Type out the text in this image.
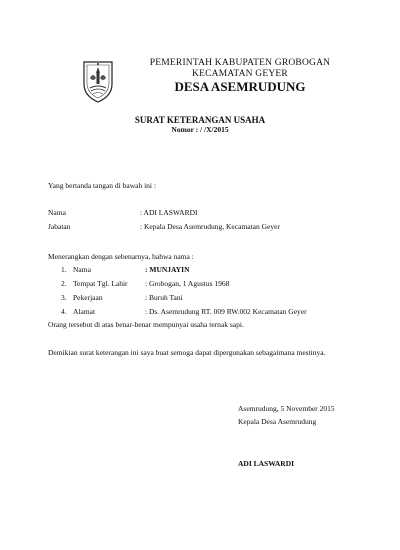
PEMERINTAH KABUPATEN GROBOGAN
KECAMATAN GEYER
DESA ASEMRUDUNG
SURAT KETERANGAN USAHA
Nomor : / /X/2015
Yang bertanda tangan di bawah ini :
Nama	: ADI LASWARDI
Jabatan	: Kepala Desa Asemrudung, Kecamatan Geyer
Menerangkan dengan sebenarnya, bahwa nama :
1. Nama	: MUNJAYIN
2. Tempat Tgl. Lahir : Grobogan, 1 Agustus 1968
3. Pekerjaan	: Buruh Tani
4. Alamat	: Ds. Asemrudung RT. 009 RW.002 Kecamatan Geyer
Orang tersebut di atas benar-benar mempunyai usaha ternak sapi.
Demikian surat keterangan ini saya buat semoga dapat dipergunakan sebagaimana mestinya.
Asemrudung, 5 November 2015
Kepala Desa Asemrudung
ADI LASWARDI
